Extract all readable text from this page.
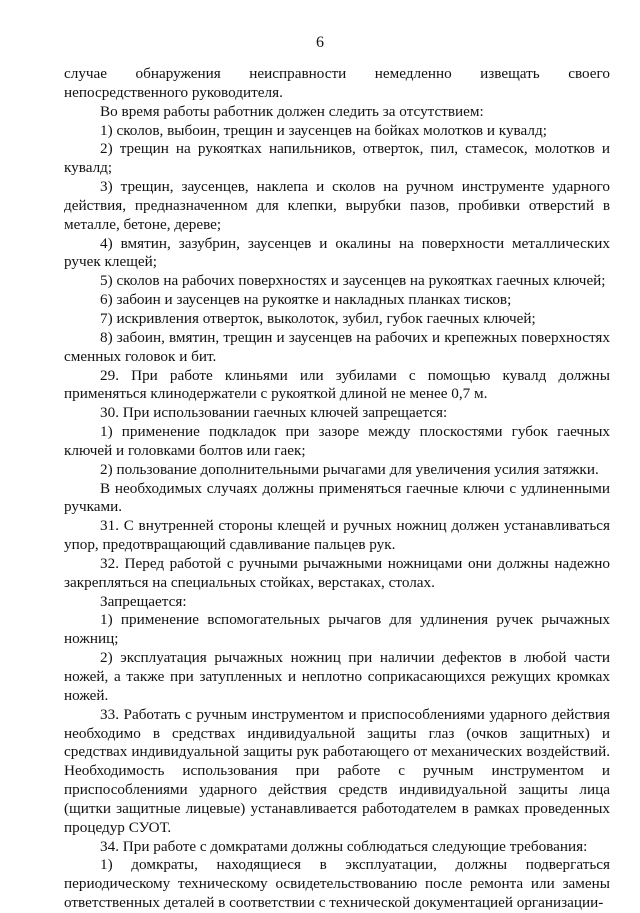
6

случае обнаружения неисправности немедленно извещать своего непосредственного руководителя.

Во время работы работник должен следить за отсутствием:

1) сколов, выбоин, трещин и заусенцев на бойках молотков и кувалд;

2) трещин на рукоятках напильников, отверток, пил, стамесок, молотков и кувалд;

3) трещин, заусенцев, наклепа и сколов на ручном инструменте ударного действия, предназначенном для клепки, вырубки пазов, пробивки отверстий в металле, бетоне, дереве;

4) вмятин, зазубрин, заусенцев и окалины на поверхности металлических ручек клещей;

5) сколов на рабочих поверхностях и заусенцев на рукоятках гаечных ключей;

6) забоин и заусенцев на рукоятке и накладных планках тисков;

7) искривления отверток, выколоток, зубил, губок гаечных ключей;

8) забоин, вмятин, трещин и заусенцев на рабочих и крепежных поверхностях сменных головок и бит.

29. При работе клиньями или зубилами с помощью кувалд должны применяться клинодержатели с рукояткой длиной не менее 0,7 м.

30. При использовании гаечных ключей запрещается:

1) применение подкладок при зазоре между плоскостями губок гаечных ключей и головками болтов или гаек;

2) пользование дополнительными рычагами для увеличения усилия затяжки.

В необходимых случаях должны применяться гаечные ключи с удлиненными ручками.

31. С внутренней стороны клещей и ручных ножниц должен устанавливаться упор, предотвращающий сдавливание пальцев рук.

32. Перед работой с ручными рычажными ножницами они должны надежно закрепляться на специальных стойках, верстаках, столах.

Запрещается:

1) применение вспомогательных рычагов для удлинения ручек рычажных ножниц;

2) эксплуатация рычажных ножниц при наличии дефектов в любой части ножей, а также при затупленных и неплотно соприкасающихся режущих кромках ножей.

33. Работать с ручным инструментом и приспособлениями ударного действия необходимо в средствах индивидуальной защиты глаз (очков защитных) и средствах индивидуальной защиты рук работающего от механических воздействий. Необходимость использования при работе с ручным инструментом и приспособлениями ударного действия средств индивидуальной защиты лица (щитки защитные лицевые) устанавливается работодателем в рамках проведенных процедур СУОТ.

34. При работе с домкратами должны соблюдаться следующие требования:

1) домкраты, находящиеся в эксплуатации, должны подвергаться периодическому техническому освидетельствованию после ремонта или замены ответственных деталей в соответствии с технической документацией организации-
